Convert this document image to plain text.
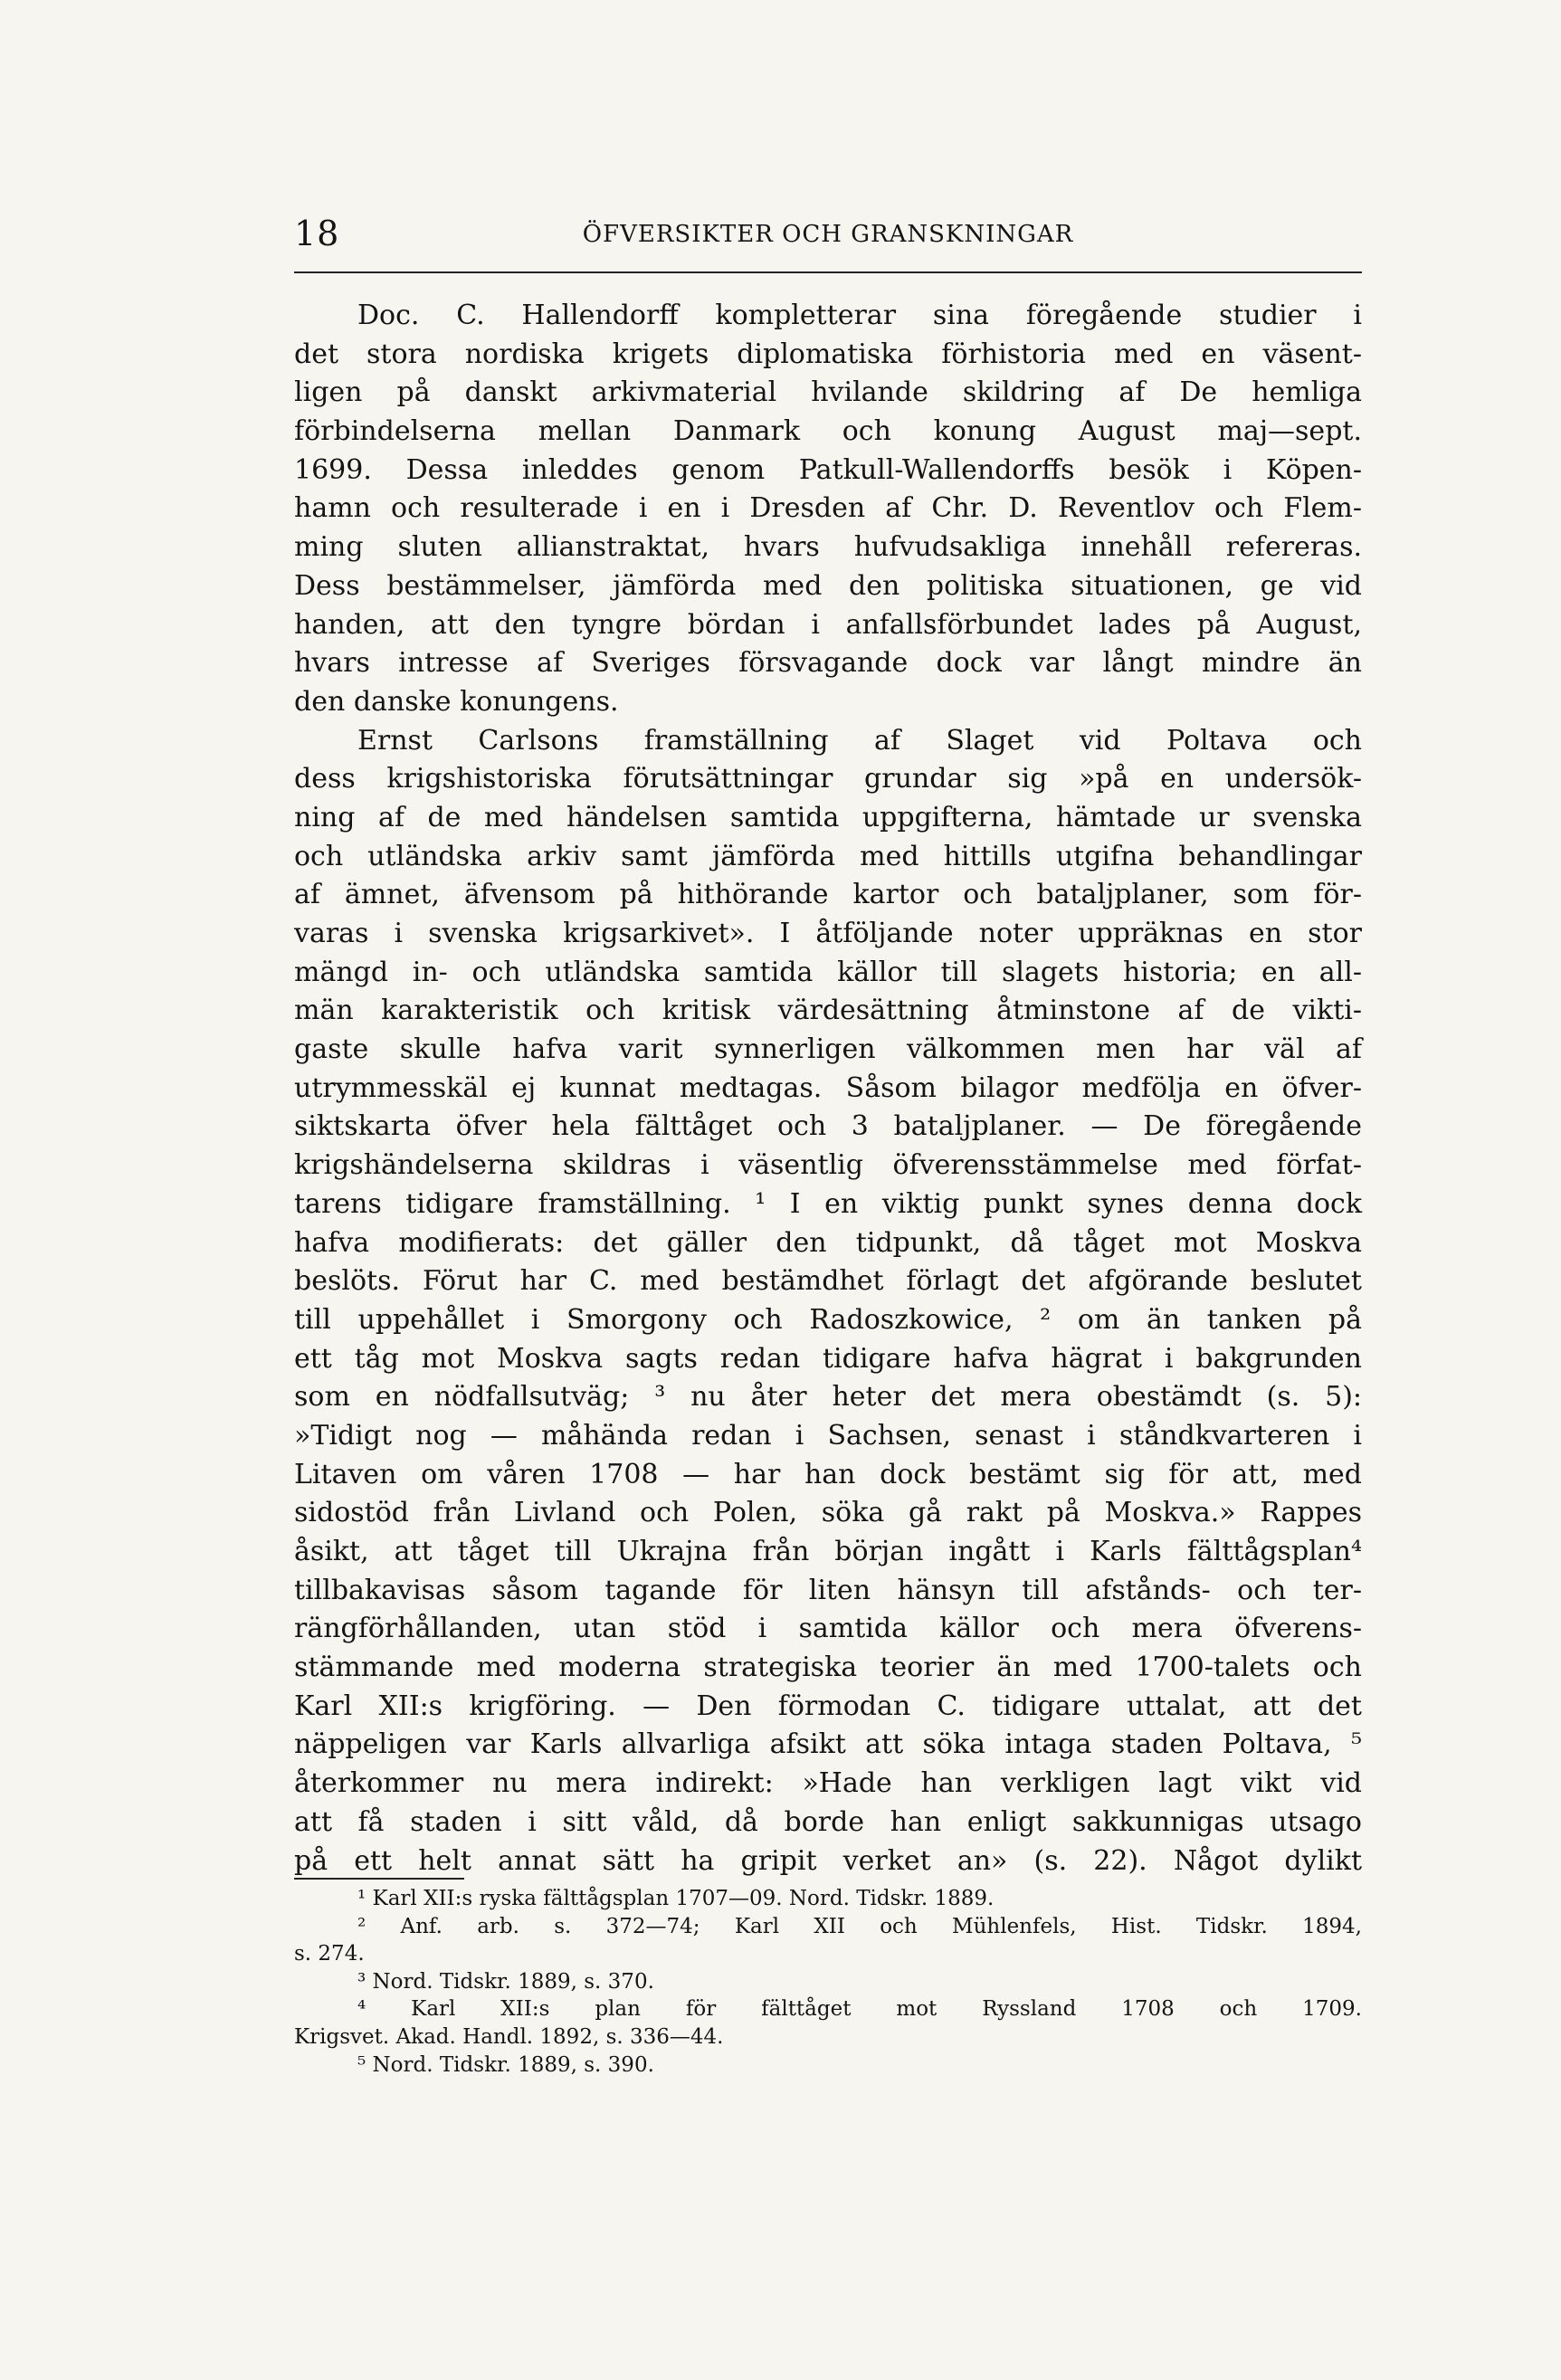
18	ÖFVERSIKTER OCH GRANSKNINGAR
Doc. C. Hallendorff kompletterar sina föregående studier i
det stora nordiska krigets diplomatiska förhistoria med en väsent-
ligen på danskt arkivmaterial hvilande skildring af De hemliga
förbindelserna mellan Danmark och konung August maj—sept.
1699. Dessa inleddes genom Patkull-Wallendorffs besök i Köpen-
hamn och resulterade i en i Dresden af Chr. D. Reventlov och Flem-
ming sluten allianstraktat, hvars hufvudsakliga innehåll refereras.
Dess bestämmelser, jämförda med den politiska situationen, ge vid
handen, att den tyngre bördan i anfallsförbundet lades på August,
hvars intresse af Sveriges försvagande dock var långt mindre än
den danske konungens.
Ernst Carlsons framställning af Slaget vid Poltava och
dess krigshistoriska förutsättningar grundar sig »på en undersök-
ning af de med händelsen samtida uppgifterna, hämtade ur svenska
och utländska arkiv samt jämförda med hittills utgifna behandlingar
af ämnet, äfvensom på hithörande kartor och bataljplaner, som för-
varas i svenska krigsarkivet». I åtföljande noter uppräknas en stor
mängd in- och utländska samtida källor till slagets historia; en all-
män karakteristik och kritisk värdesättning åtminstone af de vikti-
gaste skulle hafva varit synnerligen välkommen men har väl af
utrymmesskäl ej kunnat medtagas. Såsom bilagor medfölja en öfver-
siktskarta öfver hela fälttåget och 3 bataljplaner. — De föregående
krigshändelserna skildras i väsentlig öfverensstämmelse med förfat-
tarens tidigare framställning. ¹ I en viktig punkt synes denna dock
hafva modifierats: det gäller den tidpunkt, då tåget mot Moskva
beslöts. Förut har C. med bestämdhet förlagt det afgörande beslutet
till uppehållet i Smorgony och Radoszkowice, ² om än tanken på
ett tåg mot Moskva sagts redan tidigare hafva hägrat i bakgrunden
som en nödfallsutväg; ³ nu åter heter det mera obestämdt (s. 5):
»Tidigt nog — måhända redan i Sachsen, senast i ståndkvarteren i
Litaven om våren 1708 — har han dock bestämt sig för att, med
sidostöd från Livland och Polen, söka gå rakt på Moskva.» Rappes
åsikt, att tåget till Ukrajna från början ingått i Karls fälttågsplan⁴
tillbakavisas såsom tagande för liten hänsyn till afstånds- och ter-
rängförhållanden, utan stöd i samtida källor och mera öfverens-
stämmande med moderna strategiska teorier än med 1700-talets och
Karl XII:s krigföring. — Den förmodan C. tidigare uttalat, att det
näppeligen var Karls allvarliga afsikt att söka intaga staden Poltava, ⁵
återkommer nu mera indirekt: »Hade han verkligen lagt vikt vid
att få staden i sitt våld, då borde han enligt sakkunnigas utsago
på ett helt annat sätt ha gripit verket an» (s. 22). Något dylikt
¹ Karl XII:s ryska fälttågsplan 1707—09. Nord. Tidskr. 1889.
² Anf. arb. s. 372—74; Karl XII och Mühlenfels, Hist. Tidskr. 1894,
s. 274.
³ Nord. Tidskr. 1889, s. 370.
⁴ Karl XII:s plan för fälttåget mot Ryssland 1708 och 1709.
Krigsvet. Akad. Handl. 1892, s. 336—44.
⁵ Nord. Tidskr. 1889, s. 390.
